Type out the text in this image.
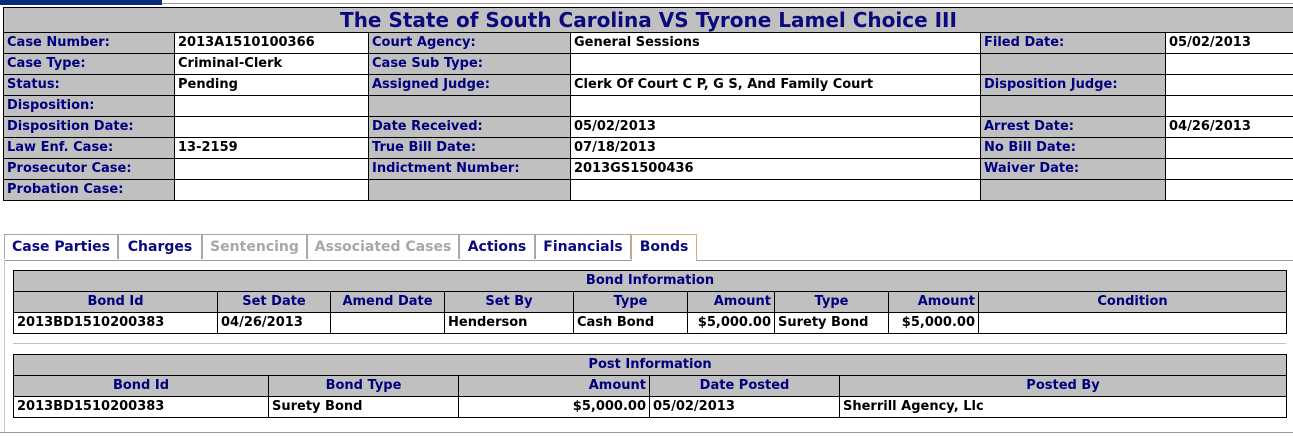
The State of South Carolina VS Tyrone Lamel Choice III					
Case Number:	2013A1510100366	Court Agency:	General Sessions	Filed Date:	05/02/2013
Case Type:	Criminal-Clerk	Case Sub Type:			
Status:	Pending	Assigned Judge:	Clerk Of Court C P, G S, And Family Court	Disposition Judge:	
Disposition:					
Disposition Date:		Date Received:	05/02/2013	Arrest Date:	04/26/2013
Law Enf. Case:	13-2159	True Bill Date:	07/18/2013	No Bill Date:	
Prosecutor Case:		Indictment Number:	2013GS1500436	Waiver Date:	
Probation Case:					
Case Parties	Charges	Sentencing	Associated Cases	Actions	Financials	Bonds
Bond Information								
Bond Id	Set Date	Amend Date	Set By	Type	Amount	Type	Amount	Condition
2013BD1510200383	04/26/2013		Henderson	Cash Bond	$5,000.00	Surety Bond	$5,000.00	
Post Information				
Bond Id	Bond Type	Amount	Date Posted	Posted By
2013BD1510200383	Surety Bond	$5,000.00	05/02/2013	Sherrill Agency, Llc
